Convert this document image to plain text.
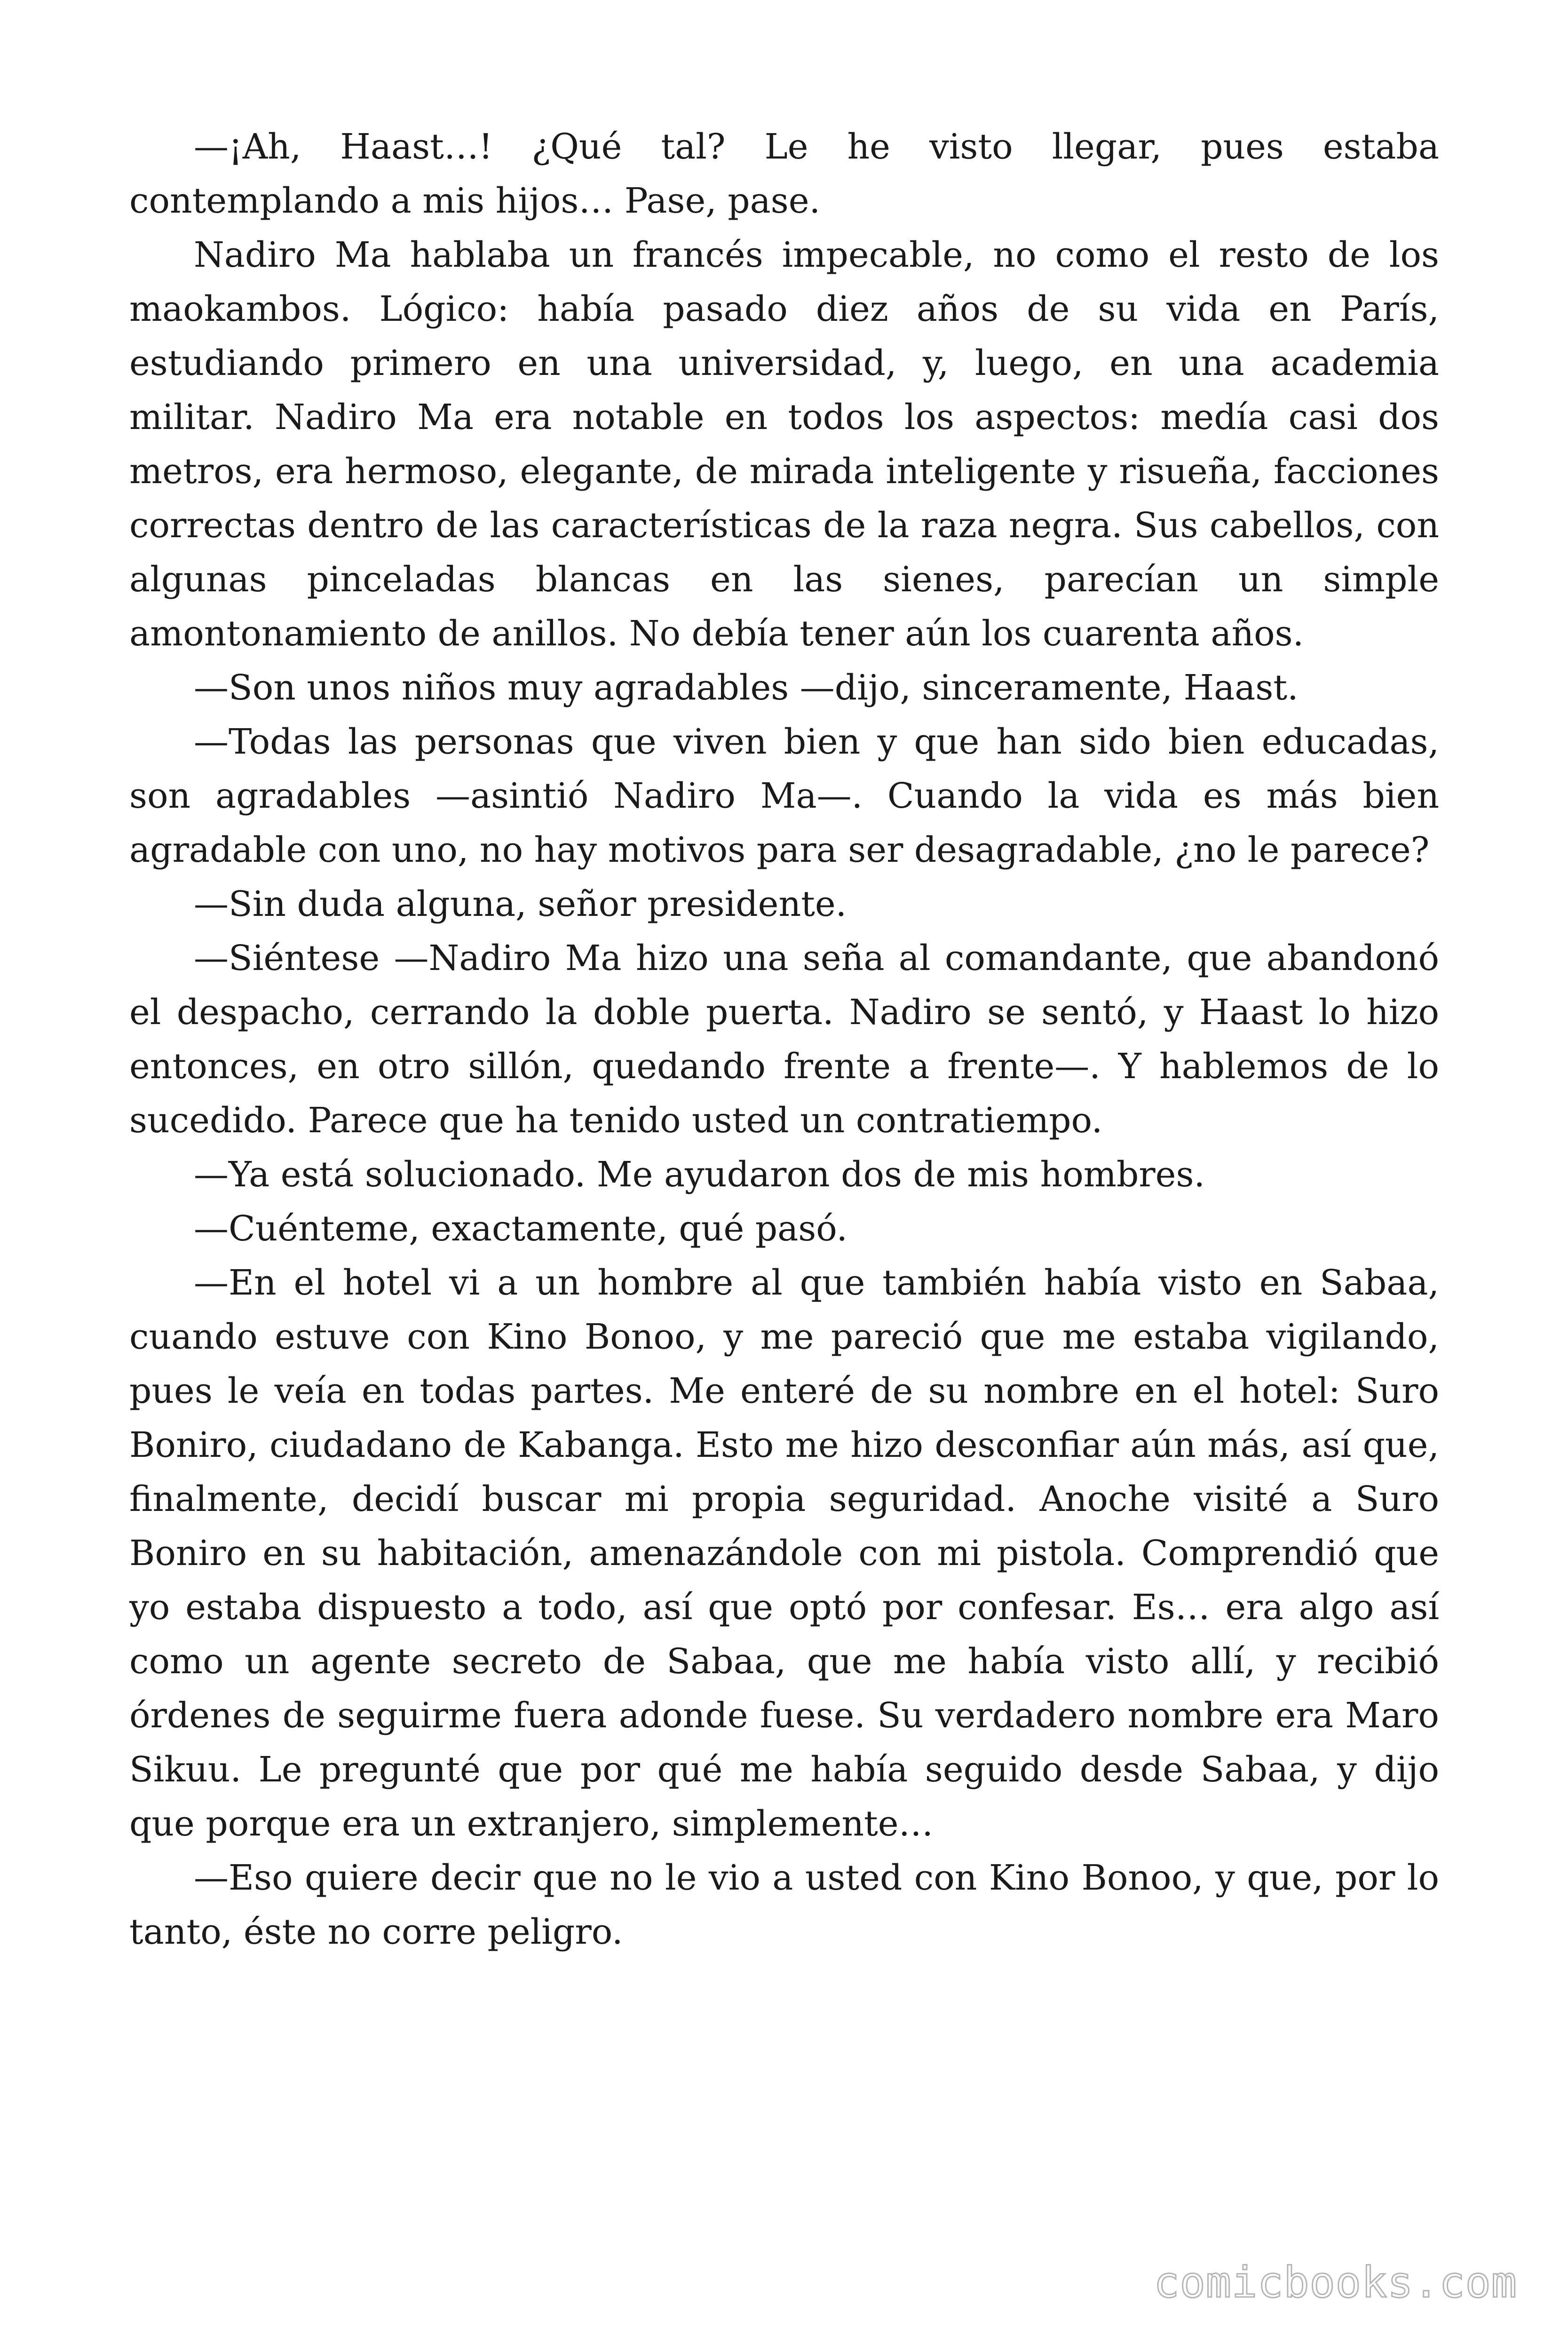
—¡Ah, Haast…! ¿Qué tal? Le he visto llegar, pues estaba contemplando a mis hijos… Pase, pase.

Nadiro Ma hablaba un francés impecable, no como el resto de los maokambos. Lógico: había pasado diez años de su vida en París, estudiando primero en una universidad, y, luego, en una academia militar. Nadiro Ma era notable en todos los aspectos: medía casi dos metros, era hermoso, elegante, de mirada inteligente y risueña, facciones correctas dentro de las características de la raza negra. Sus cabellos, con algunas pinceladas blancas en las sienes, parecían un simple amontonamiento de anillos. No debía tener aún los cuarenta años.

—Son unos niños muy agradables —dijo, sinceramente, Haast.

—Todas las personas que viven bien y que han sido bien educadas, son agradables —asintió Nadiro Ma—. Cuando la vida es más bien agradable con uno, no hay motivos para ser desagradable, ¿no le parece?

—Sin duda alguna, señor presidente.

—Siéntese —Nadiro Ma hizo una seña al comandante, que abandonó el despacho, cerrando la doble puerta. Nadiro se sentó, y Haast lo hizo entonces, en otro sillón, quedando frente a frente—. Y hablemos de lo sucedido. Parece que ha tenido usted un contratiempo.

—Ya está solucionado. Me ayudaron dos de mis hombres.

—Cuénteme, exactamente, qué pasó.

—En el hotel vi a un hombre al que también había visto en Sabaa, cuando estuve con Kino Bonoo, y me pareció que me estaba vigilando, pues le veía en todas partes. Me enteré de su nombre en el hotel: Suro Boniro, ciudadano de Kabanga. Esto me hizo desconfiar aún más, así que, finalmente, decidí buscar mi propia seguridad. Anoche visité a Suro Boniro en su habitación, amenazándole con mi pistola. Comprendió que yo estaba dispuesto a todo, así que optó por confesar. Es… era algo así como un agente secreto de Sabaa, que me había visto allí, y recibió órdenes de seguirme fuera adonde fuese. Su verdadero nombre era Maro Sikuu. Le pregunté que por qué me había seguido desde Sabaa, y dijo que porque era un extranjero, simplemente…

—Eso quiere decir que no le vio a usted con Kino Bonoo, y que, por lo tanto, éste no corre peligro.

comicbooks.com
